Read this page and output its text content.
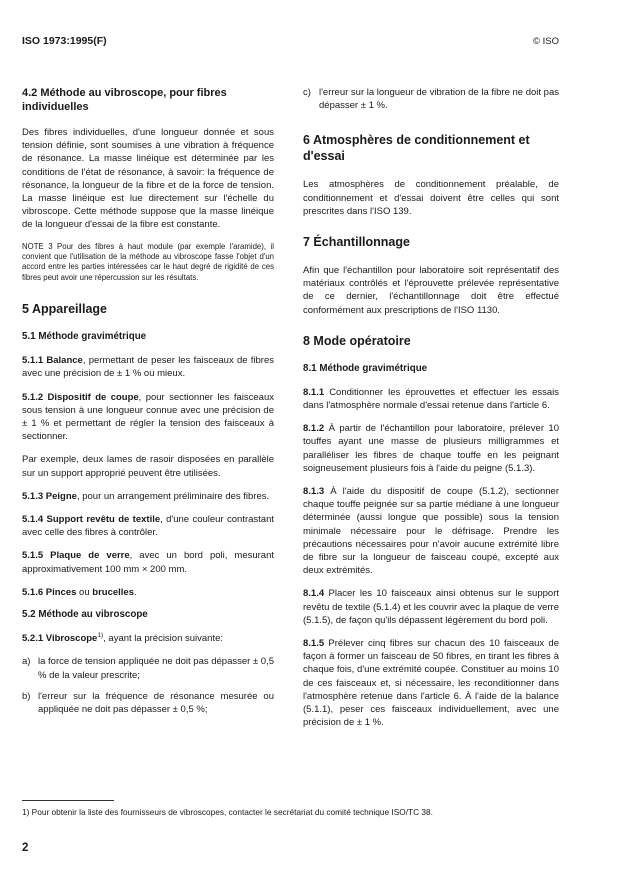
ISO 1973:1995(F)	© ISO
4.2 Méthode au vibroscope, pour fibres individuelles

Des fibres individuelles, d'une longueur donnée et sous tension définie, sont soumises à une vibration à fréquence de résonance. La masse linéique est déterminée par les conditions de l'état de résonance, à savoir: la fréquence de résonance, la longueur de la fibre et de la force de tension. La masse linéique est lue directement sur l'échelle du vibroscope. Cette méthode suppose que la masse linéique de la longueur d'essai de la fibre est constante.

NOTE 3 Pour des fibres à haut module (par exemple l'aramide), il convient que l'utilisation de la méthode au vibroscope fasse l'objet d'un accord entre les parties intéressées car le haut degré de rigidité de ces fibres peut avoir une répercussion sur les résultats.
5 Appareillage
5.1 Méthode gravimétrique

5.1.1 Balance, permettant de peser les faisceaux de fibres avec une précision de ± 1 % ou mieux.

5.1.2 Dispositif de coupe, pour sectionner les faisceaux sous tension à une longueur connue avec une précision de ± 1 % et permettant de régler la tension des faisceaux à sectionner.

Par exemple, deux lames de rasoir disposées en parallèle sur un support approprié peuvent être utilisées.

5.1.3 Peigne, pour un arrangement préliminaire des fibres.

5.1.4 Support revêtu de textile, d'une couleur contrastant avec celle des fibres à contrôler.

5.1.5 Plaque de verre, avec un bord poli, mesurant approximativement 100 mm × 200 mm.

5.1.6 Pinces ou brucelles.

5.2 Méthode au vibroscope

5.2.1 Vibroscope$^{1)}$, ayant la précision suivante:

a) la force de tension appliquée ne doit pas dépasser ± 0,5 % de la valeur prescrite;

b) l'erreur sur la fréquence de résonance mesurée ou appliquée ne doit pas dépasser ± 0,5 %;

c) l'erreur sur la longueur de vibration de la fibre ne doit pas dépasser ± 1 %.

6 Atmosphères de conditionnement et d'essai

Les atmosphères de conditionnement préalable, de conditionnement et d'essai doivent être celles qui sont prescrites dans l'ISO 139.

7 Échantillonnage

Afin que l'échantillon pour laboratoire soit représentatif des matériaux contrôlés et l'éprouvette prélevée représentative de ce dernier, l'échantillonnage doit être effectué conformément aux prescriptions de l'ISO 1130.

8 Mode opératoire
8.1 Méthode gravimétrique

8.1.1 Conditionner les éprouvettes et effectuer les essais dans l'atmosphère normale d'essai retenue dans l'article 6.

8.1.2 À partir de l'échantillon pour laboratoire, prélever 10 touffes ayant une masse de plusieurs milligrammes et paralléliser les fibres de chaque touffe en les peignant soigneusement plusieurs fois à l'aide du peigne (5.1.3).

8.1.3 À l'aide du dispositif de coupe (5.1.2), sectionner chaque touffe peignée sur sa partie médiane à une longueur déterminée (aussi longue que possible) sous la tension minimale nécessaire pour le défrisage. Prendre les précautions nécessaires pour n'avoir aucune extrémité libre de fibre sur la longueur de faisceau coupé, excepté aux deux extrémités.

8.1.4 Placer les 10 faisceaux ainsi obtenus sur le support revêtu de textile (5.1.4) et les couvrir avec la plaque de verre (5.1.5), de façon qu'ils dépassent légèrement du bord poli.

8.1.5 Prélever cinq fibres sur chacun des 10 faisceaux de façon à former un faisceau de 50 fibres, en tirant les fibres à chaque fois, d'une extrémité coupée. Constituer au moins 10 de ces faisceaux et, si nécessaire, les reconditionner dans l'atmosphère retenue dans l'article 6. À l'aide de la balance (5.1.1), peser ces faisceaux individuellement, avec une précision de ± 1 %.

1) Pour obtenir la liste des fournisseurs de vibroscopes, contacter le secrétariat du comité technique ISO/TC 38.
2
